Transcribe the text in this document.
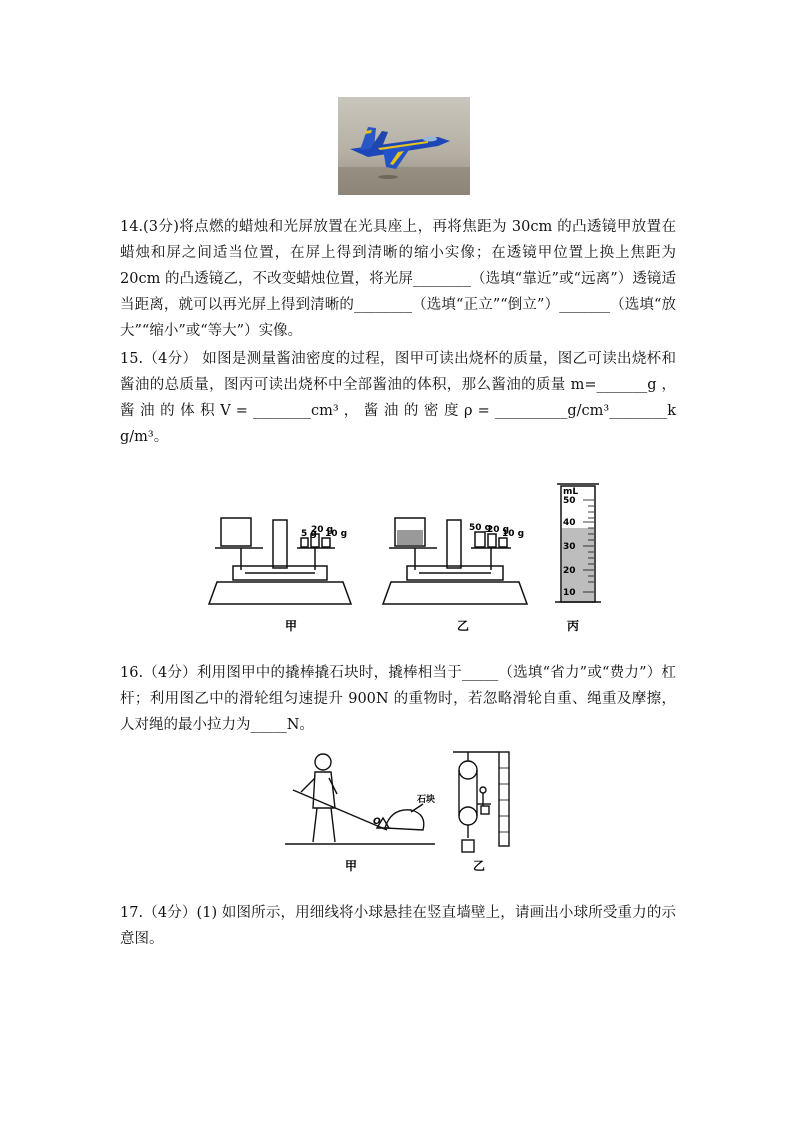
14.(3分)将点燃的蜡烛和光屏放置在光具座上，再将焦距为 30cm 的凸透镜甲放置在蜡烛和屏之间适当位置，在屏上得到清晰的缩小实像；在透镜甲位置上换上焦距为 20cm 的凸透镜乙，不改变蜡烛位置，将光屏________（选填“靠近”或“远离”）透镜适当距离，就可以再光屏上得到清晰的________（选填“正立”“倒立”）_______（选填“放大”“缩小”或“等大”）实像。
15.（4分） 如图是测量酱油密度的过程，图甲可读出烧杯的质量，图乙可读出烧杯和酱油的总质量，图丙可读出烧杯中全部酱油的体积，那么酱油的质量 m=_______g ， 酱 油 的 体 积 V = ________cm³ ， 酱 油 的 密 度 ρ = __________g/cm³________k g/m³。
5 g
20 g
10 g
50 g
20 g
10 g
mL
50
40
30
20
10
甲	乙	丙
16.（4分）利用图甲中的撬棒撬石块时，撬棒相当于_____（选填“省力”或“费力”）杠杆；利用图乙中的滑轮组匀速提升 900N 的重物时，若忽略滑轮自重、绳重及摩擦，人对绳的最小拉力为_____N。
石块
O
甲	乙
17.（4分）(1) 如图所示，用细线将小球悬挂在竖直墙壁上，请画出小球所受重力的示意图。
